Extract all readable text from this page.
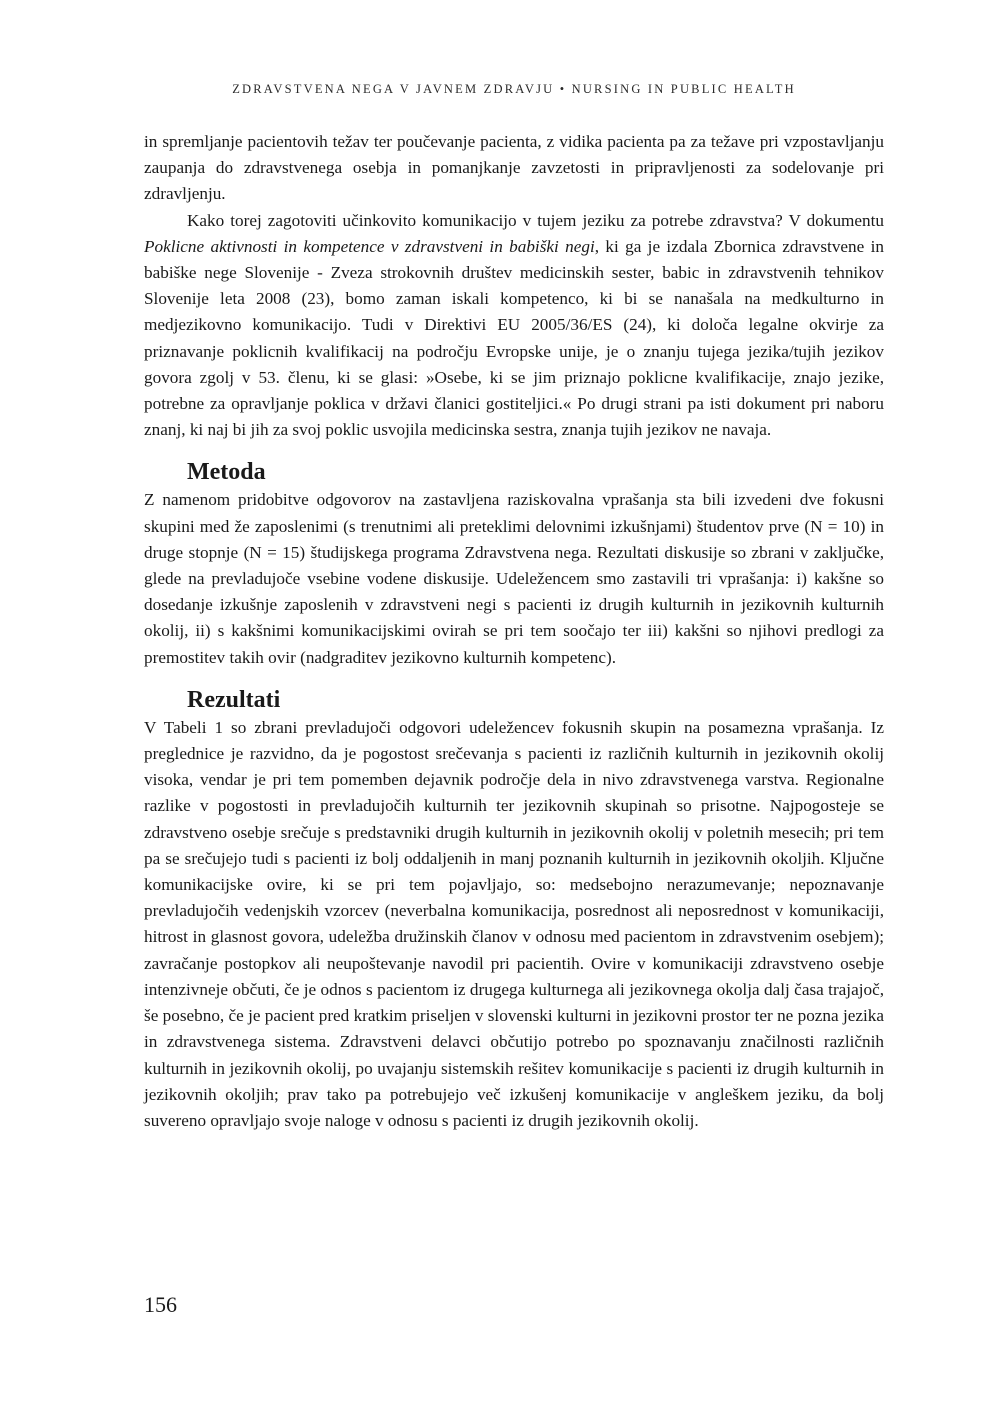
ZDRAVSTVENA NEGA V JAVNEM ZDRAVJU • NURSING IN PUBLIC HEALTH

in spremljanje pacientovih težav ter poučevanje pacienta, z vidika pacienta pa za težave pri vzpostavljanju zaupanja do zdravstvenega osebja in pomanjkanje zavzetosti in pripravljenosti za sodelovanje pri zdravljenju.

Kako torej zagotoviti učinkovito komunikacijo v tujem jeziku za potrebe zdravstva? V dokumentu Poklicne aktivnosti in kompetence v zdravstveni in babiški negi, ki ga je izdala Zbornica zdravstvene in babiške nege Slovenije - Zveza strokovnih društev medicinskih sester, babic in zdravstvenih tehnikov Slovenije leta 2008 (23), bomo zaman iskali kompetenco, ki bi se nanašala na medkulturno in medjezikovno komunikacijo. Tudi v Direktivi EU 2005/36/ES (24), ki določa legalne okvirje za priznavanje poklicnih kvalifikacij na področju Evropske unije, je o znanju tujega jezika/tujih jezikov govora zgolj v 53. členu, ki se glasi: »Osebe, ki se jim priznajo poklicne kvalifikacije, znajo jezike, potrebne za opravljanje poklica v državi članici gostiteljici.« Po drugi strani pa isti dokument pri naboru znanj, ki naj bi jih za svoj poklic usvojila medicinska sestra, znanja tujih jezikov ne navaja.

Metoda

Z namenom pridobitve odgovorov na zastavljena raziskovalna vprašanja sta bili izvedeni dve fokusni skupini med že zaposlenimi (s trenutnimi ali preteklimi delovnimi izkušnjami) študentov prve (N = 10) in druge stopnje (N = 15) študijskega programa Zdravstvena nega. Rezultati diskusije so zbrani v zaključke, glede na prevladujoče vsebine vodene diskusije. Udeležencem smo zastavili tri vprašanja: i) kakšne so dosedanje izkušnje zaposlenih v zdravstveni negi s pacienti iz drugih kulturnih in jezikovnih kulturnih okolij, ii) s kakšnimi komunikacijskimi ovirah se pri tem soočajo ter iii) kakšni so njihovi predlogi za premostitev takih ovir (nadgraditev jezikovno kulturnih kompetenc).

Rezultati

V Tabeli 1 so zbrani prevladujoči odgovori udeležencev fokusnih skupin na posamezna vprašanja. Iz preglednice je razvidno, da je pogostost srečevanja s pacienti iz različnih kulturnih in jezikovnih okolij visoka, vendar je pri tem pomemben dejavnik področje dela in nivo zdravstvenega varstva. Regionalne razlike v pogostosti in prevladujočih kulturnih ter jezikovnih skupinah so prisotne. Najpogosteje se zdravstveno osebje srečuje s predstavniki drugih kulturnih in jezikovnih okolij v poletnih mesecih; pri tem pa se srečujejo tudi s pacienti iz bolj oddaljenih in manj poznanih kulturnih in jezikovnih okoljih. Ključne komunikacijske ovire, ki se pri tem pojavljajo, so: medsebojno nerazumevanje; nepoznavanje prevladujočih vedenjskih vzorcev (neverbalna komunikacija, posrednost ali neposrednost v komunikaciji, hitrost in glasnost govora, udeležba družinskih članov v odnosu med pacientom in zdravstvenim osebjem); zavračanje postopkov ali neupoštevanje navodil pri pacientih. Ovire v komunikaciji zdravstveno osebje intenzivneje občuti, če je odnos s pacientom iz drugega kulturnega ali jezikovnega okolja dalj časa trajajoč, še posebno, če je pacient pred kratkim priseljen v slovenski kulturni in jezikovni prostor ter ne pozna jezika in zdravstvenega sistema. Zdravstveni delavci občutijo potrebo po spoznavanju značilnosti različnih kulturnih in jezikovnih okolij, po uvajanju sistemskih rešitev komunikacije s pacienti iz drugih kulturnih in jezikovnih okoljih; prav tako pa potrebujejo več izkušenj komunikacije v angleškem jeziku, da bolj suvereno opravljajo svoje naloge v odnosu s pacienti iz drugih jezikovnih okolij.

156
